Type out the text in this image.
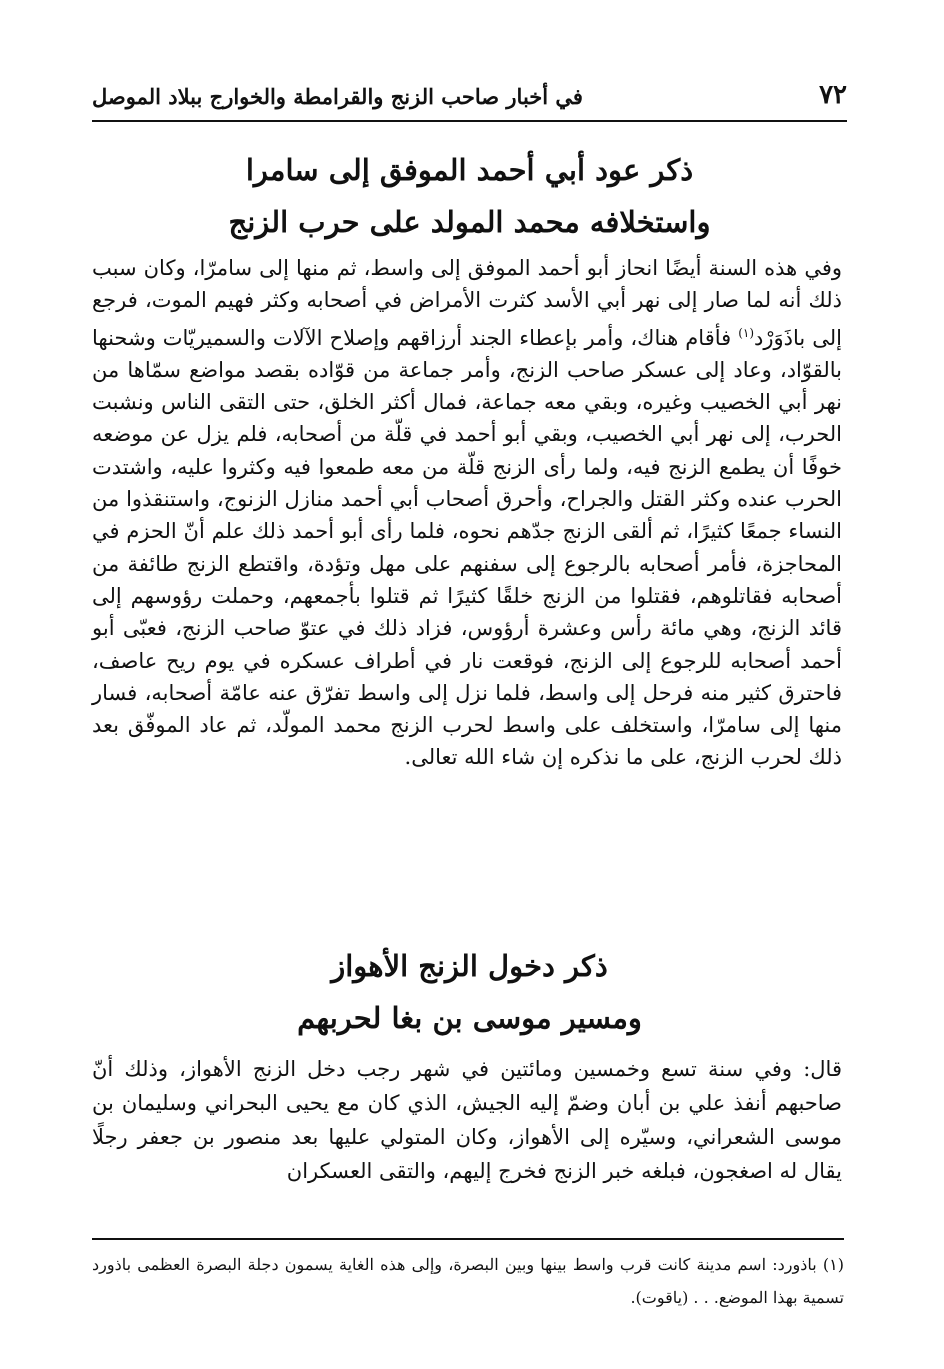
في أخبار صاحب الزنج والقرامطة والخوارج ببلاد الموصل	٧٢
ذكر عود أبي أحمد الموفق إلى سامرا
واستخلافه محمد المولد على حرب الزنج
وفي هذه السنة أيضًا انحاز أبو أحمد الموفق إلى واسط، ثم منها إلى سامرّا، وكان سبب ذلك أنه لما صار إلى نهر أبي الأسد كثرت الأمراض في أصحابه وكثر فهيم الموت، فرجع إلى باذَوَرْد$^{(١)}$ فأقام هناك، وأمر بإعطاء الجند أرزاقهم وإصلاح الآلات والسميريّات وشحنها بالقوّاد، وعاد إلى عسكر صاحب الزنج، وأمر جماعة من قوّاده بقصد مواضع سمّاها من نهر أبي الخصيب وغيره، وبقي معه جماعة، فمال أكثر الخلق، حتى التقى الناس ونشبت الحرب، إلى نهر أبي الخصيب، وبقي أبو أحمد في قلّة من أصحابه، فلم يزل عن موضعه خوفًا أن يطمع الزنج فيه، ولما رأى الزنج قلّة من معه طمعوا فيه وكثروا عليه، واشتدت الحرب عنده وكثر القتل والجراح، وأحرق أصحاب أبي أحمد منازل الزنوج، واستنقذوا من النساء جمعًا كثيرًا، ثم ألقى الزنج جدّهم نحوه، فلما رأى أبو أحمد ذلك علم أنّ الحزم في المحاجزة، فأمر أصحابه بالرجوع إلى سفنهم على مهل وتؤدة، واقتطع الزنج طائفة من أصحابه فقاتلوهم، فقتلوا من الزنج خلقًا كثيرًا ثم قتلوا بأجمعهم، وحملت رؤوسهم إلى قائد الزنج، وهي مائة رأس وعشرة أرؤوس، فزاد ذلك في عتوّ صاحب الزنج، فعبّى أبو أحمد أصحابه للرجوع إلى الزنج، فوقعت نار في أطراف عسكره في يوم ريح عاصف، فاحترق كثير منه فرحل إلى واسط، فلما نزل إلى واسط تفرّق عنه عامّة أصحابه، فسار منها إلى سامرّا، واستخلف على واسط لحرب الزنج محمد المولّد، ثم عاد الموفّق بعد ذلك لحرب الزنج، على ما نذكره إن شاء الله تعالى.
ذكر دخول الزنج الأهواز
ومسير موسى بن بغا لحربهم
قال: وفي سنة تسع وخمسين ومائتين في شهر رجب دخل الزنج الأهواز، وذلك أنّ صاحبهم أنفذ علي بن أبان وضمّ إليه الجيش، الذي كان مع يحيى البحراني وسليمان بن موسى الشعراني، وسيّره إلى الأهواز، وكان المتولي عليها بعد منصور بن جعفر رجلًا يقال له اصغجون، فبلغه خبر الزنج فخرج إليهم، والتقى العسكران
(١) باذورد: اسم مدينة كانت قرب واسط بينها وبين البصرة، وإلى هذه الغاية يسمون دجلة البصرة العظمى باذورد تسمية بهذا الموضع. . . (ياقوت).
